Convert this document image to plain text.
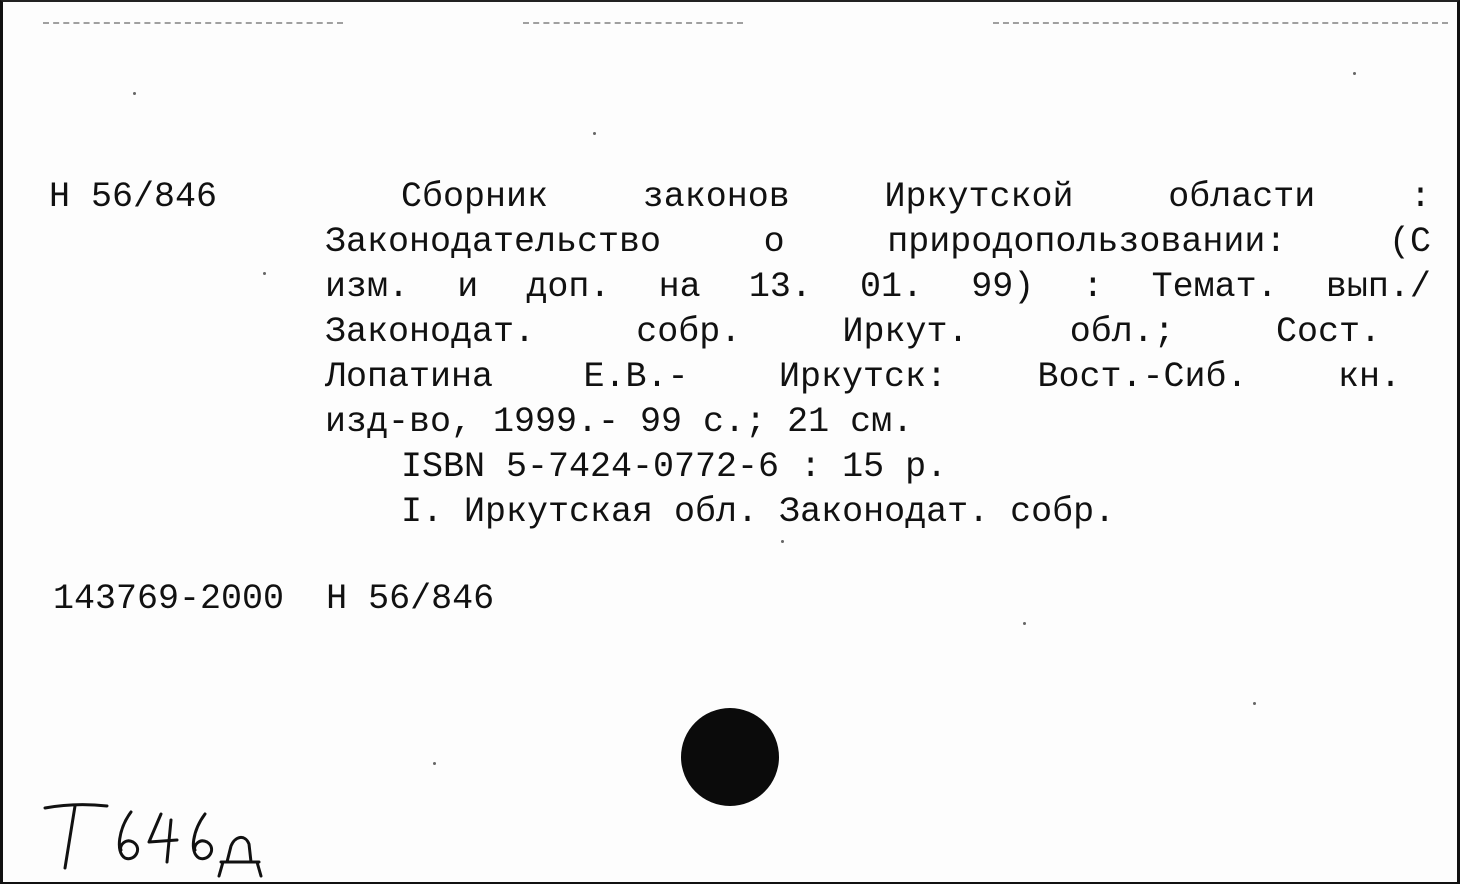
Н 56/846	Сборник	законов	Иркутской	области	:
Законодательство	о	природопользовании:	(С
изм. и доп. на 13. 01. 99) : Темат. вып./
Законодат.	собр.	Иркут.	обл.;	Сост.
Лопатина	Е.В.-	Иркутск:	Вост.-Сиб.	кн.
изд-во, 1999.- 99 с.; 21 см.
ISBN 5-7424-0772-6 : 15 р.
I. Иркутская обл. Законодат. собр.
143769-2000 Н 56/846
